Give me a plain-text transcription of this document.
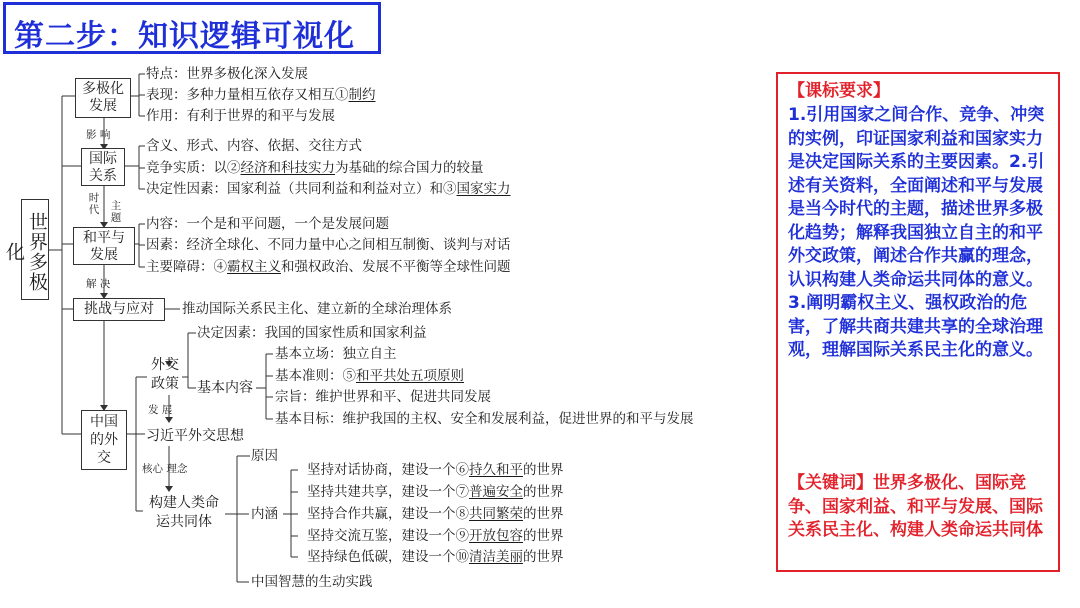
第二步：知识逻辑可视化
世界多极化
多极化发展
国际关系
和平与发展
挑战与应对
中国的外交
影 响
时 代 主 题
解 决
发 展
核心 理念
特点：世界多极化深入发展
表现：多种力量相互依存又相互①制约
作用：有利于世界的和平与发展
含义、形式、内容、依据、交往方式
竞争实质：以②经济和科技实力为基础的综合国力的较量
决定性因素：国家利益（共同利益和利益对立）和③国家实力
内容：一个是和平问题，一个是发展问题
因素：经济全球化、不同力量中心之间相互制衡、谈判与对话
主要障碍：④霸权主义和强权政治、发展不平衡等全球性问题
推动国际关系民主化、建立新的全球治理体系
外交政策
决定因素：我国的国家性质和国家利益
基本内容
基本立场：独立自主
基本准则：⑤和平共处五项原则
宗旨：维护世界和平、促进共同发展
基本目标：维护我国的主权、安全和发展利益，促进世界的和平与发展
习近平外交思想
构建人类命运共同体
原因
内涵
中国智慧的生动实践
坚持对话协商，建设一个⑥持久和平的世界
坚持共建共享，建设一个⑦普遍安全的世界
坚持合作共赢，建设一个⑧共同繁荣的世界
坚持交流互鉴，建设一个⑨开放包容的世界
坚持绿色低碳，建设一个⑩清洁美丽的世界
【课标要求】
1.引用国家之间合作、竞争、冲突的实例，印证国家利益和国家实力是决定国际关系的主要因素。2.引述有关资料，全面阐述和平与发展是当今时代的主题，描述世界多极化趋势；解释我国独立自主的和平外交政策，阐述合作共赢的理念，认识构建人类命运共同体的意义。3.阐明霸权主义、强权政治的危害，了解共商共建共享的全球治理观，理解国际关系民主化的意义。
【关键词】世界多极化、国际竞争、国家利益、和平与发展、国际关系民主化、构建人类命运共同体
